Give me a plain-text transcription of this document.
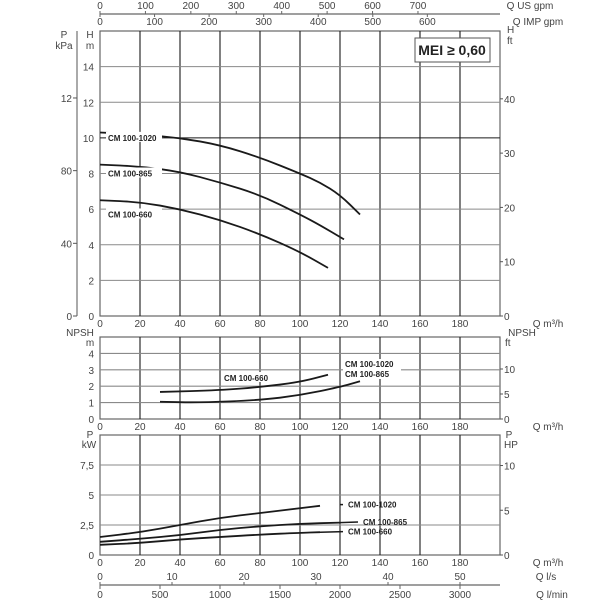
0	100	200	300	400	500	600	700	Q US gpm
0	100	200	300	400	500	600	Q IMP gpm
0	20	40	60	80	100 120 140 160 180	Q m³/h
0
2
4
6
8
10
12
14
0
40
80
12
P
kPa
H
m
0
10
20
30
40
H
ft
MEI ≥ 0,60
CM 100-1020
CM 100-865
CM 100-660
0	20	40	60	80	100 120 140 160 180	Q m³/h
0
1
2
3
4
NPSH
m
NPSH
ft
0
5
10
CM 100-660
CM 100-1020
CM 100-865
0	20	40	60	80	100 120 140 160 180	Q m³/h
0
2,5
5
7,5
P
kW
P
HP
0
5
10
CM 100-1020
CM 100-865
CM 100-660
0	10	20	30	40	50	Q l/s
0	500	1000	1500	2000	2500	3000	Q l/min
